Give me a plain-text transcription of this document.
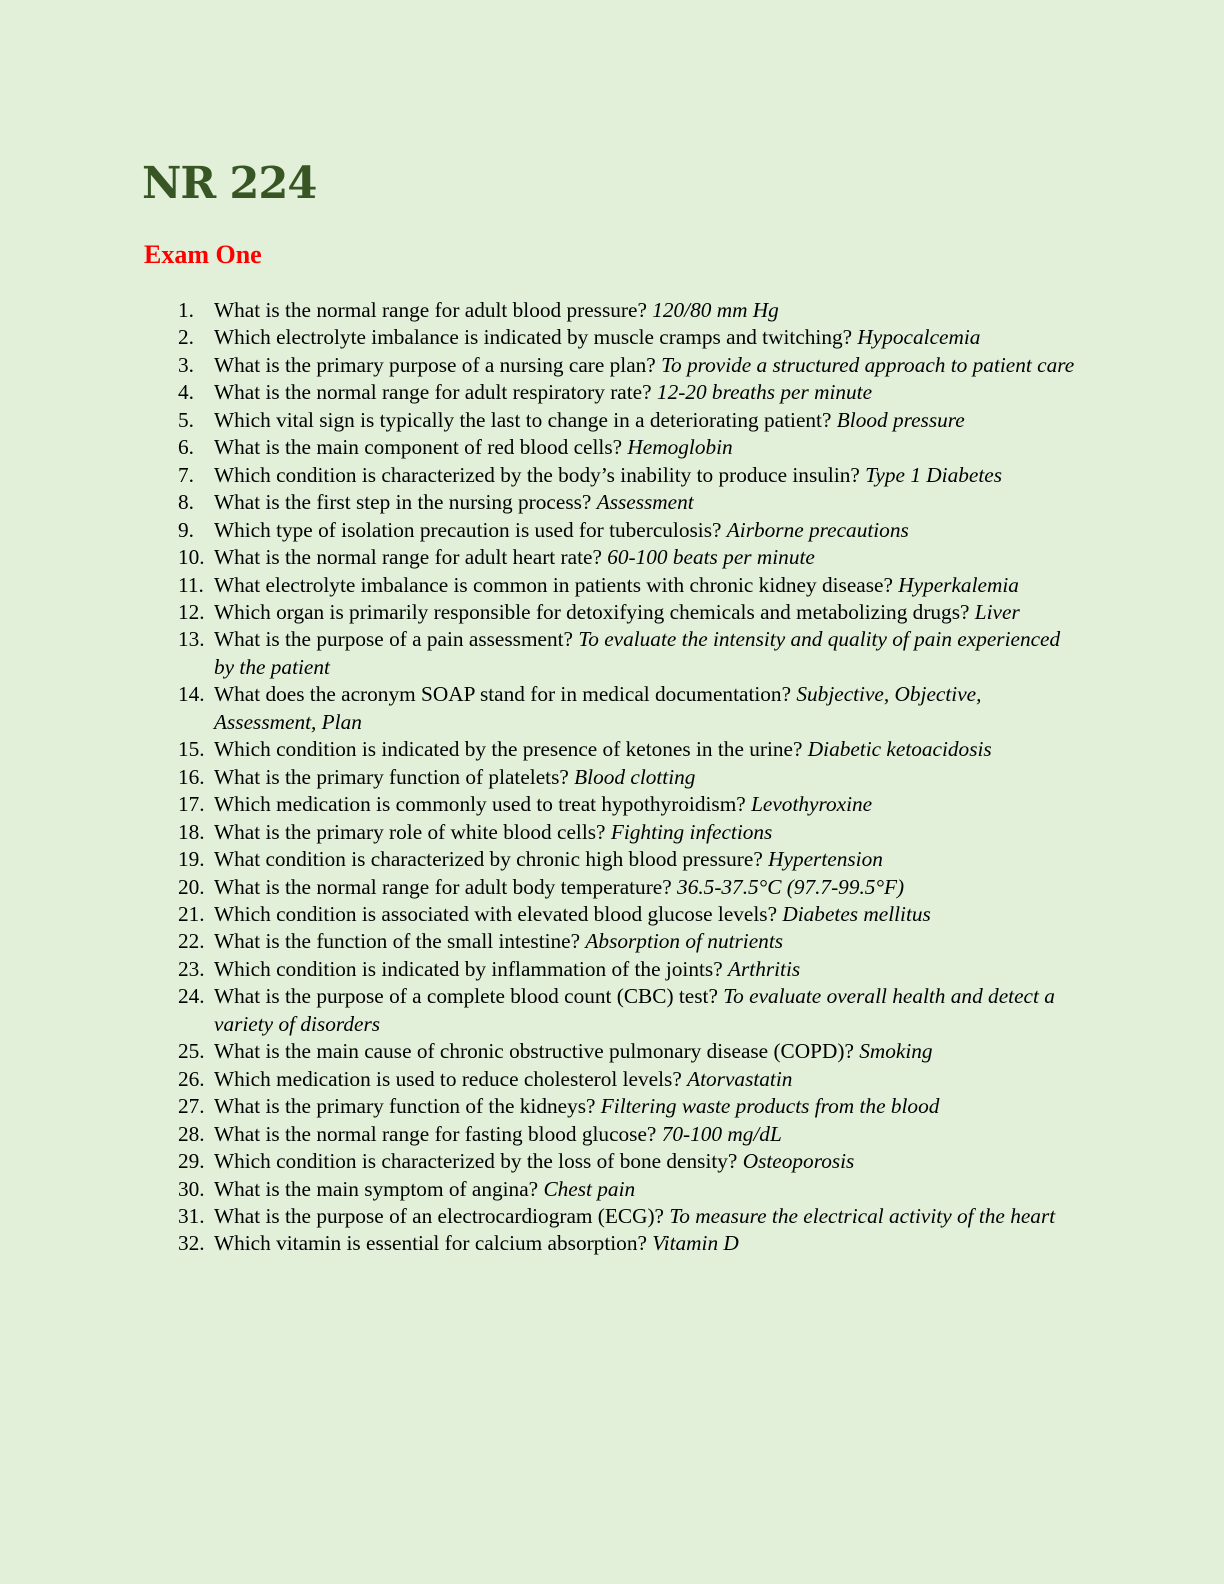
NR 224
Exam One
1. What is the normal range for adult blood pressure? 120/80 mm Hg
2. Which electrolyte imbalance is indicated by muscle cramps and twitching? Hypocalcemia
3. What is the primary purpose of a nursing care plan? To provide a structured approach to patient care
4. What is the normal range for adult respiratory rate? 12-20 breaths per minute
5. Which vital sign is typically the last to change in a deteriorating patient? Blood pressure
6. What is the main component of red blood cells? Hemoglobin
7. Which condition is characterized by the body’s inability to produce insulin? Type 1 Diabetes
8. What is the first step in the nursing process? Assessment
9. Which type of isolation precaution is used for tuberculosis? Airborne precautions
10. What is the normal range for adult heart rate? 60-100 beats per minute
11. What electrolyte imbalance is common in patients with chronic kidney disease? Hyperkalemia
12. Which organ is primarily responsible for detoxifying chemicals and metabolizing drugs? Liver
13. What is the purpose of a pain assessment? To evaluate the intensity and quality of pain experienced by the patient
14. What does the acronym SOAP stand for in medical documentation? Subjective, Objective, Assessment, Plan
15. Which condition is indicated by the presence of ketones in the urine? Diabetic ketoacidosis
16. What is the primary function of platelets? Blood clotting
17. Which medication is commonly used to treat hypothyroidism? Levothyroxine
18. What is the primary role of white blood cells? Fighting infections
19. What condition is characterized by chronic high blood pressure? Hypertension
20. What is the normal range for adult body temperature? 36.5-37.5°C (97.7-99.5°F)
21. Which condition is associated with elevated blood glucose levels? Diabetes mellitus
22. What is the function of the small intestine? Absorption of nutrients
23. Which condition is indicated by inflammation of the joints? Arthritis
24. What is the purpose of a complete blood count (CBC) test? To evaluate overall health and detect a variety of disorders
25. What is the main cause of chronic obstructive pulmonary disease (COPD)? Smoking
26. Which medication is used to reduce cholesterol levels? Atorvastatin
27. What is the primary function of the kidneys? Filtering waste products from the blood
28. What is the normal range for fasting blood glucose? 70-100 mg/dL
29. Which condition is characterized by the loss of bone density? Osteoporosis
30. What is the main symptom of angina? Chest pain
31. What is the purpose of an electrocardiogram (ECG)? To measure the electrical activity of the heart
32. Which vitamin is essential for calcium absorption? Vitamin D
